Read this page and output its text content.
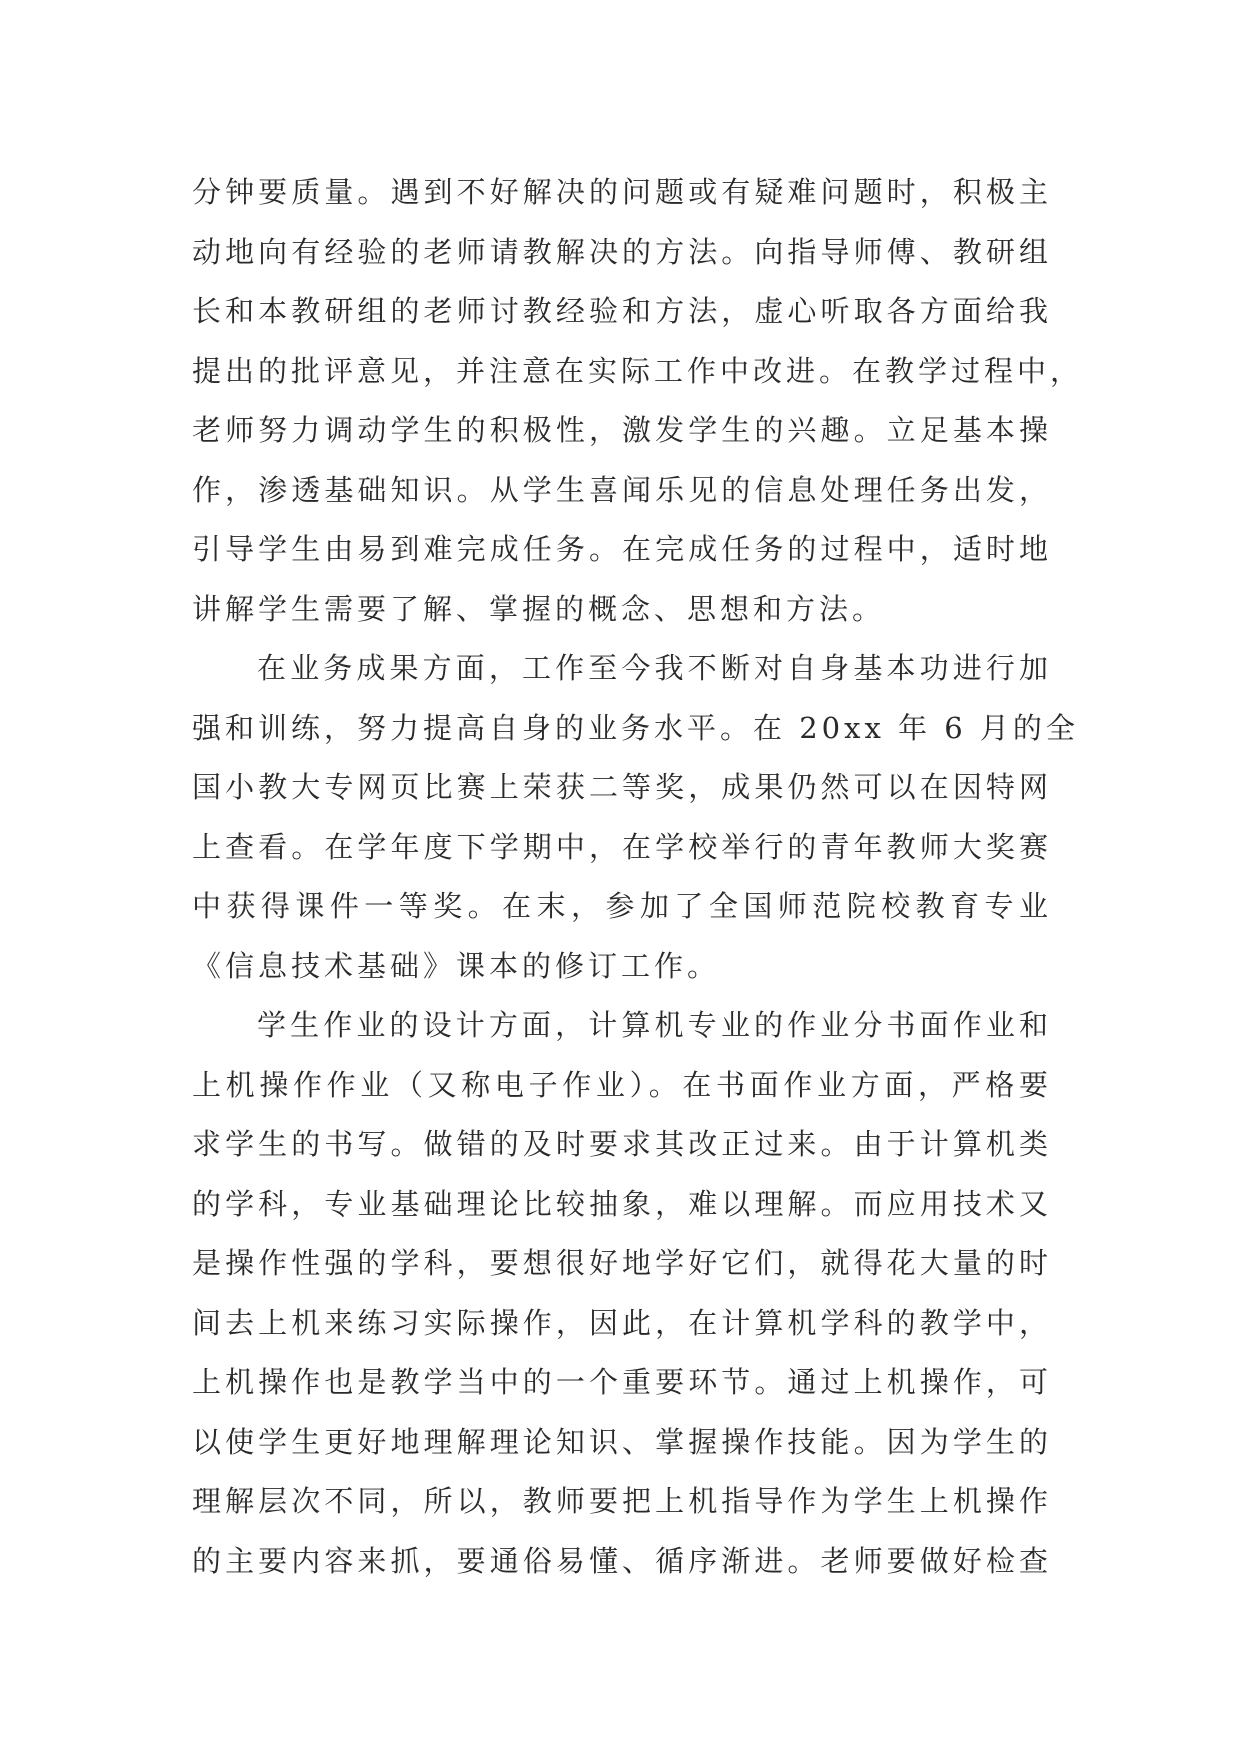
分钟要质量。遇到不好解决的问题或有疑难问题时，积极主
动地向有经验的老师请教解决的方法。向指导师傅、教研组
长和本教研组的老师讨教经验和方法，虚心听取各方面给我
提出的批评意见，并注意在实际工作中改进。在教学过程中，
老师努力调动学生的积极性，激发学生的兴趣。立足基本操
作，渗透基础知识。从学生喜闻乐见的信息处理任务出发，
引导学生由易到难完成任务。在完成任务的过程中，适时地
讲解学生需要了解、掌握的概念、思想和方法。
在业务成果方面，工作至今我不断对自身基本功进行加
强和训练，努力提高自身的业务水平。在 20xx 年 6 月的全
国小教大专网页比赛上荣获二等奖，成果仍然可以在因特网
上查看。在学年度下学期中，在学校举行的青年教师大奖赛
中获得课件一等奖。在末，参加了全国师范院校教育专业
《信息技术基础》课本的修订工作。
学生作业的设计方面，计算机专业的作业分书面作业和
上机操作作业（又称电子作业）。在书面作业方面，严格要
求学生的书写。做错的及时要求其改正过来。由于计算机类
的学科，专业基础理论比较抽象，难以理解。而应用技术又
是操作性强的学科，要想很好地学好它们，就得花大量的时
间去上机来练习实际操作，因此，在计算机学科的教学中，
上机操作也是教学当中的一个重要环节。通过上机操作，可
以使学生更好地理解理论知识、掌握操作技能。因为学生的
理解层次不同，所以，教师要把上机指导作为学生上机操作
的主要内容来抓，要通俗易懂、循序渐进。老师要做好检查
